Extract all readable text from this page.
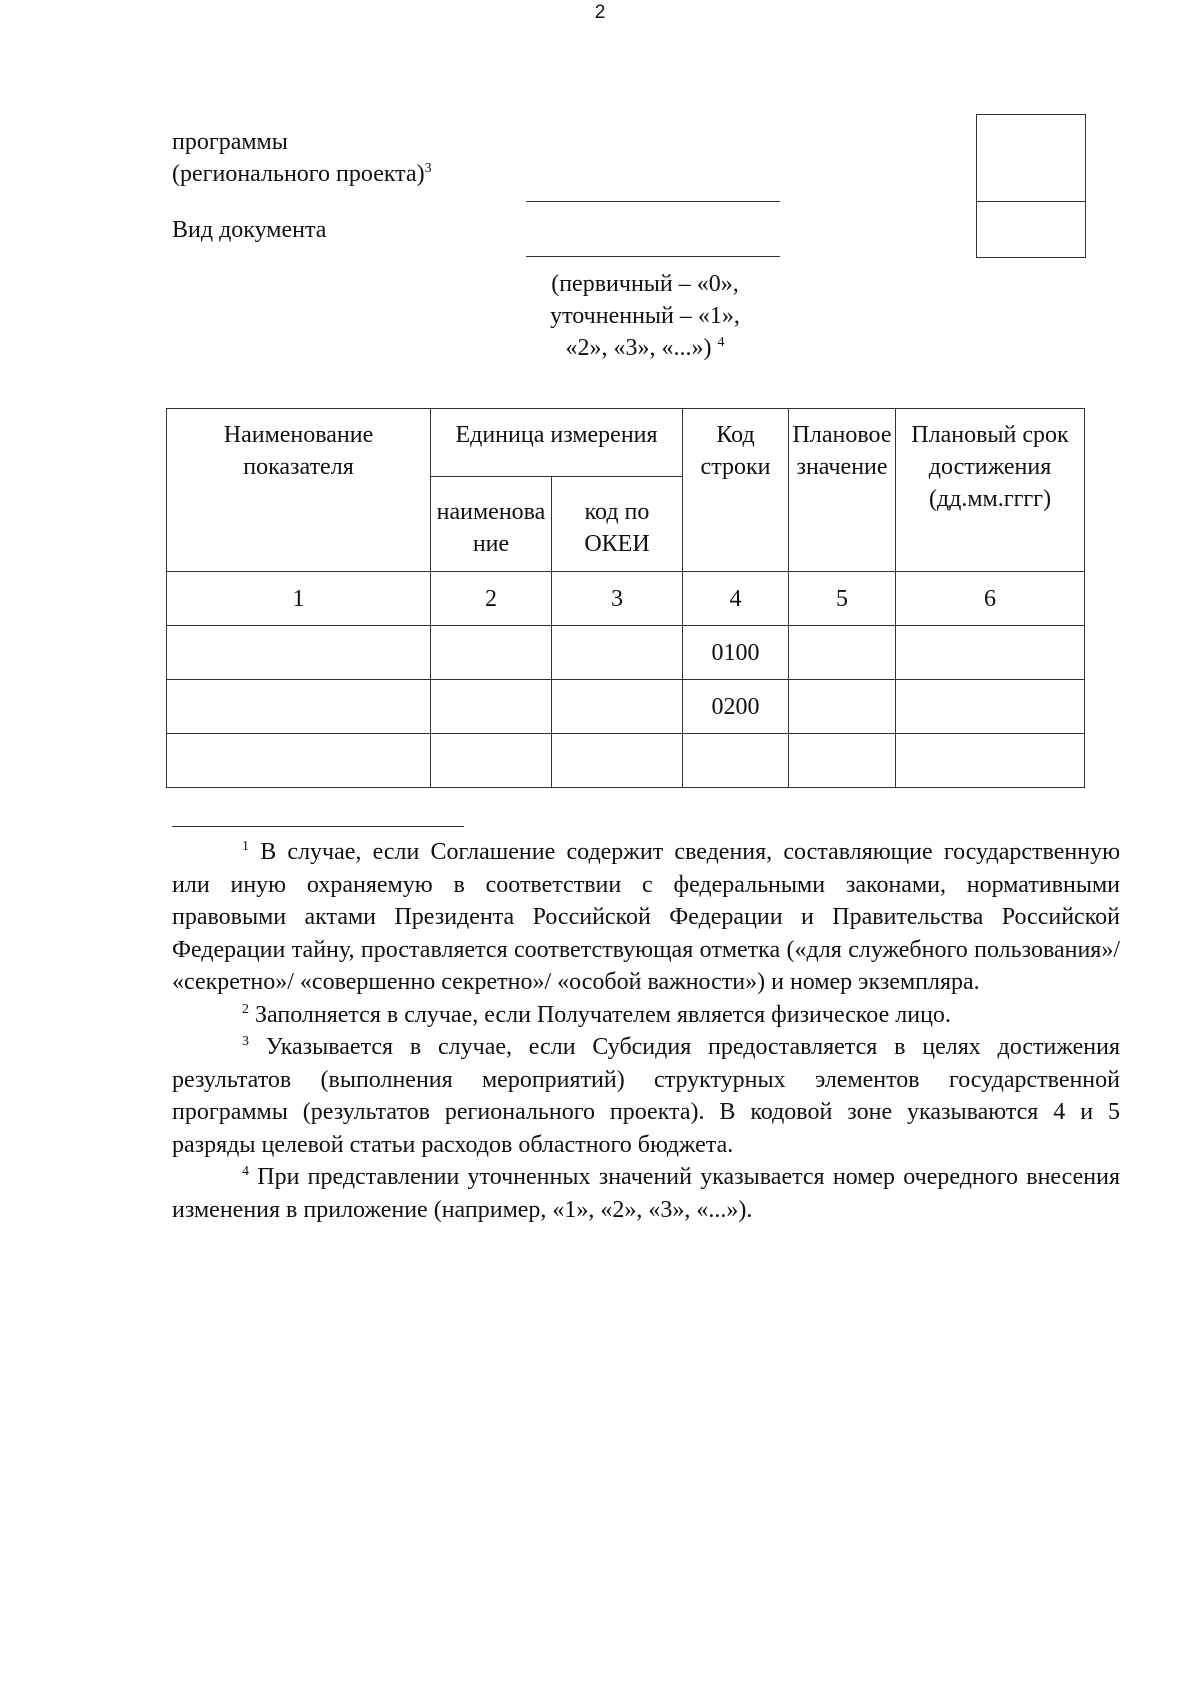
2
программы
(регионального проекта)$^3$
Вид документа
(первичный – «0»,
уточненный – «1»,
«2», «3», «...») $^4$
Наименование показателя	Единица измерения		Код строки	Плановое значение	Плановый срок достижения (дд.мм.гггг)
	наименование	код по ОКЕИ			
1	2	3	4	5	6
			0100		
			0200		

$^1$ В случае, если Соглашение содержит сведения, составляющие государственную или иную охраняемую в соответствии с федеральными законами, нормативными правовыми актами Президента Российской Федерации и Правительства Российской Федерации тайну, проставляется соответствующая отметка («для служебного пользования»/ «секретно»/ «совершенно секретно»/ «особой важности») и номер экземпляра.

$^2$ Заполняется в случае, если Получателем является физическое лицо.

$^3$ Указывается в случае, если Субсидия предоставляется в целях достижения результатов (выполнения мероприятий) структурных элементов государственной программы (результатов регионального проекта). В кодовой зоне указываются 4 и 5 разряды целевой статьи расходов областного бюджета.

$^4$ При представлении уточненных значений указывается номер очередного внесения изменения в приложение (например, «1», «2», «3», «...»).
